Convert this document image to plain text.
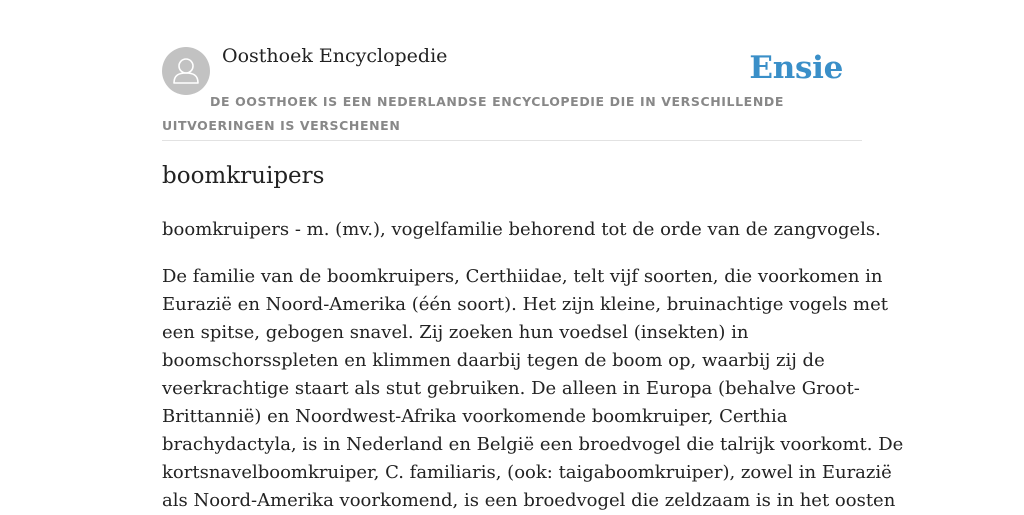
Oosthoek Encyclopedie	Ensie
DE OOSTHOEK IS EEN NEDERLANDSE ENCYCLOPEDIE DIE IN VERSCHILLENDE UITVOERINGEN IS VERSCHENEN
boomkruipers

boomkruipers - m. (mv.), vogelfamilie behorend tot de orde van de zangvogels.

De familie van de boomkruipers, Certhiidae, telt vijf soorten, die voorkomen in
Eurazië en Noord-Amerika (één soort). Het zijn kleine, bruinachtige vogels met
een spitse, gebogen snavel. Zij zoeken hun voedsel (insekten) in
boomschorsspleten en klimmen daarbij tegen de boom op, waarbij zij de
veerkrachtige staart als stut gebruiken. De alleen in Europa (behalve Groot-
Brittannië) en Noordwest-Afrika voorkomende boomkruiper, Certhia
brachydactyla, is in Nederland en België een broedvogel die talrijk voorkomt. De
kortsnavelboomkruiper, C. familiaris, (ook: taigaboomkruiper), zowel in Eurazië
als Noord-Amerika voorkomend, is een broedvogel die zeldzaam is in het oosten
